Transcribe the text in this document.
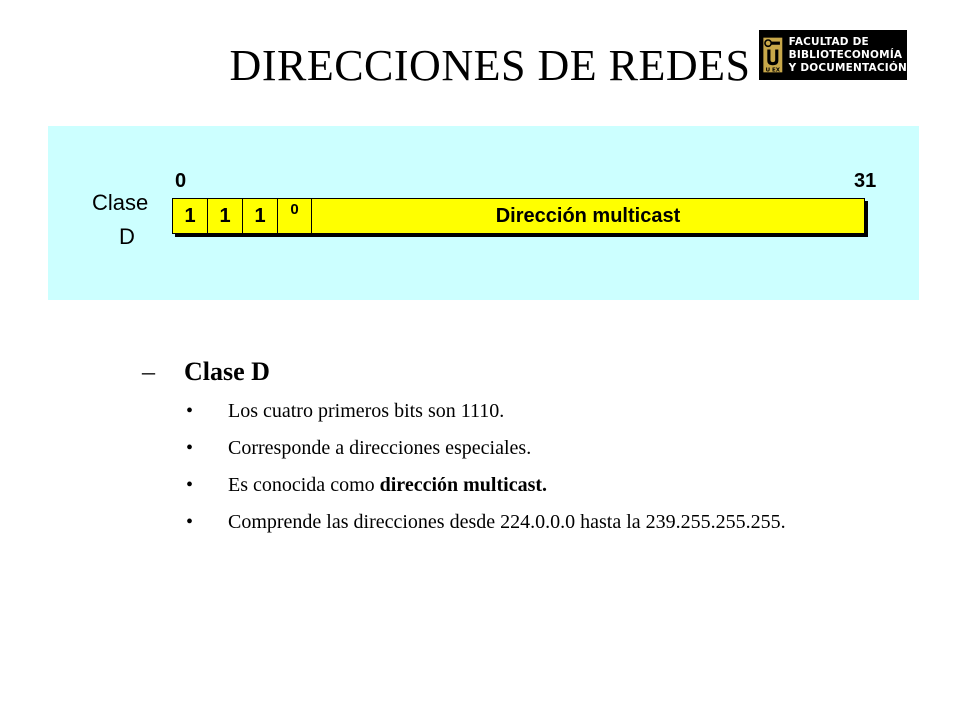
DIRECCIONES DE REDES	U EX
FACULTAD DE
BIBLIOTECONOMÍA
Y DOCUMENTACIÓN
Clase
D
0	31
1	1	1	0	Dirección multicast
– Clase D
• Los cuatro primeros bits son 1110.
• Corresponde a direcciones especiales.
• Es conocida como dirección multicast.
• Comprende las direcciones desde 224.0.0.0 hasta la 239.255.255.255.
